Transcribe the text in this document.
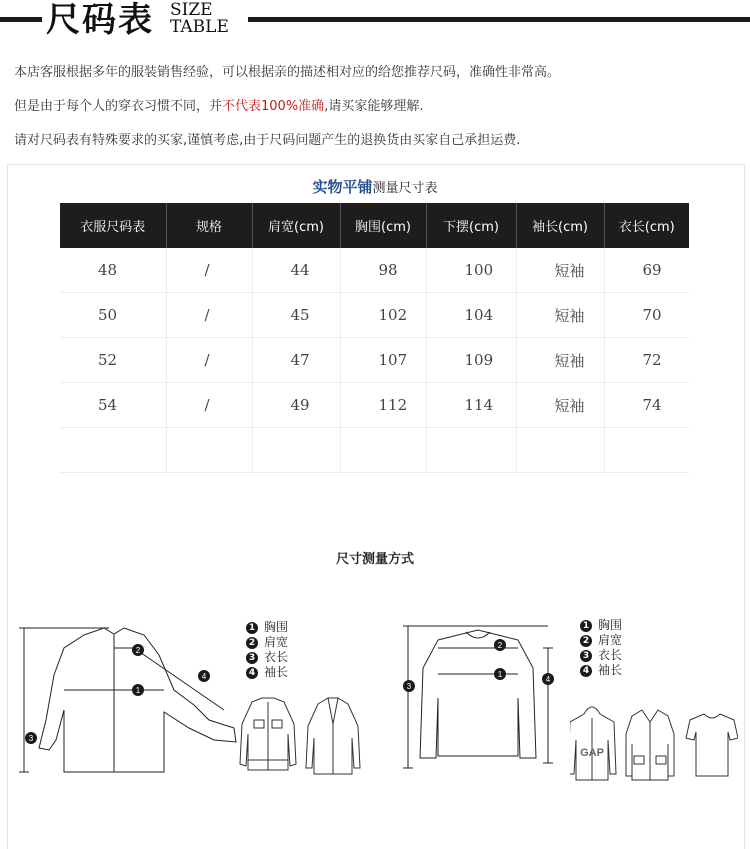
尺码表 SIZE
TABLE

本店客服根据多年的服装销售经验，可以根据亲的描述相对应的给您推荐尺码，准确性非常高。

但是由于每个人的穿衣习惯不同，并不代表100%准确,请买家能够理解.

请对尺码表有特殊要求的买家,谨慎考虑,由于尺码问题产生的退换货由买家自己承担运费.

实物平铺测量尺寸表
衣服尺码表	规格	肩宽(cm)	胸围(cm)	下摆(cm)	袖长(cm)	衣长(cm)
48	/	44	98	100	短袖	69
50	/	45	102	104	短袖	70
52	/	47	107	109	短袖	72
54	/	49	112	114	短袖	74

尺寸测量方式
2
1
4
3
1 胸围
2 肩宽
3 衣长
4 袖长
2
1
3
4
1 胸围
2 肩宽
3 衣长
4 袖长
GAP
